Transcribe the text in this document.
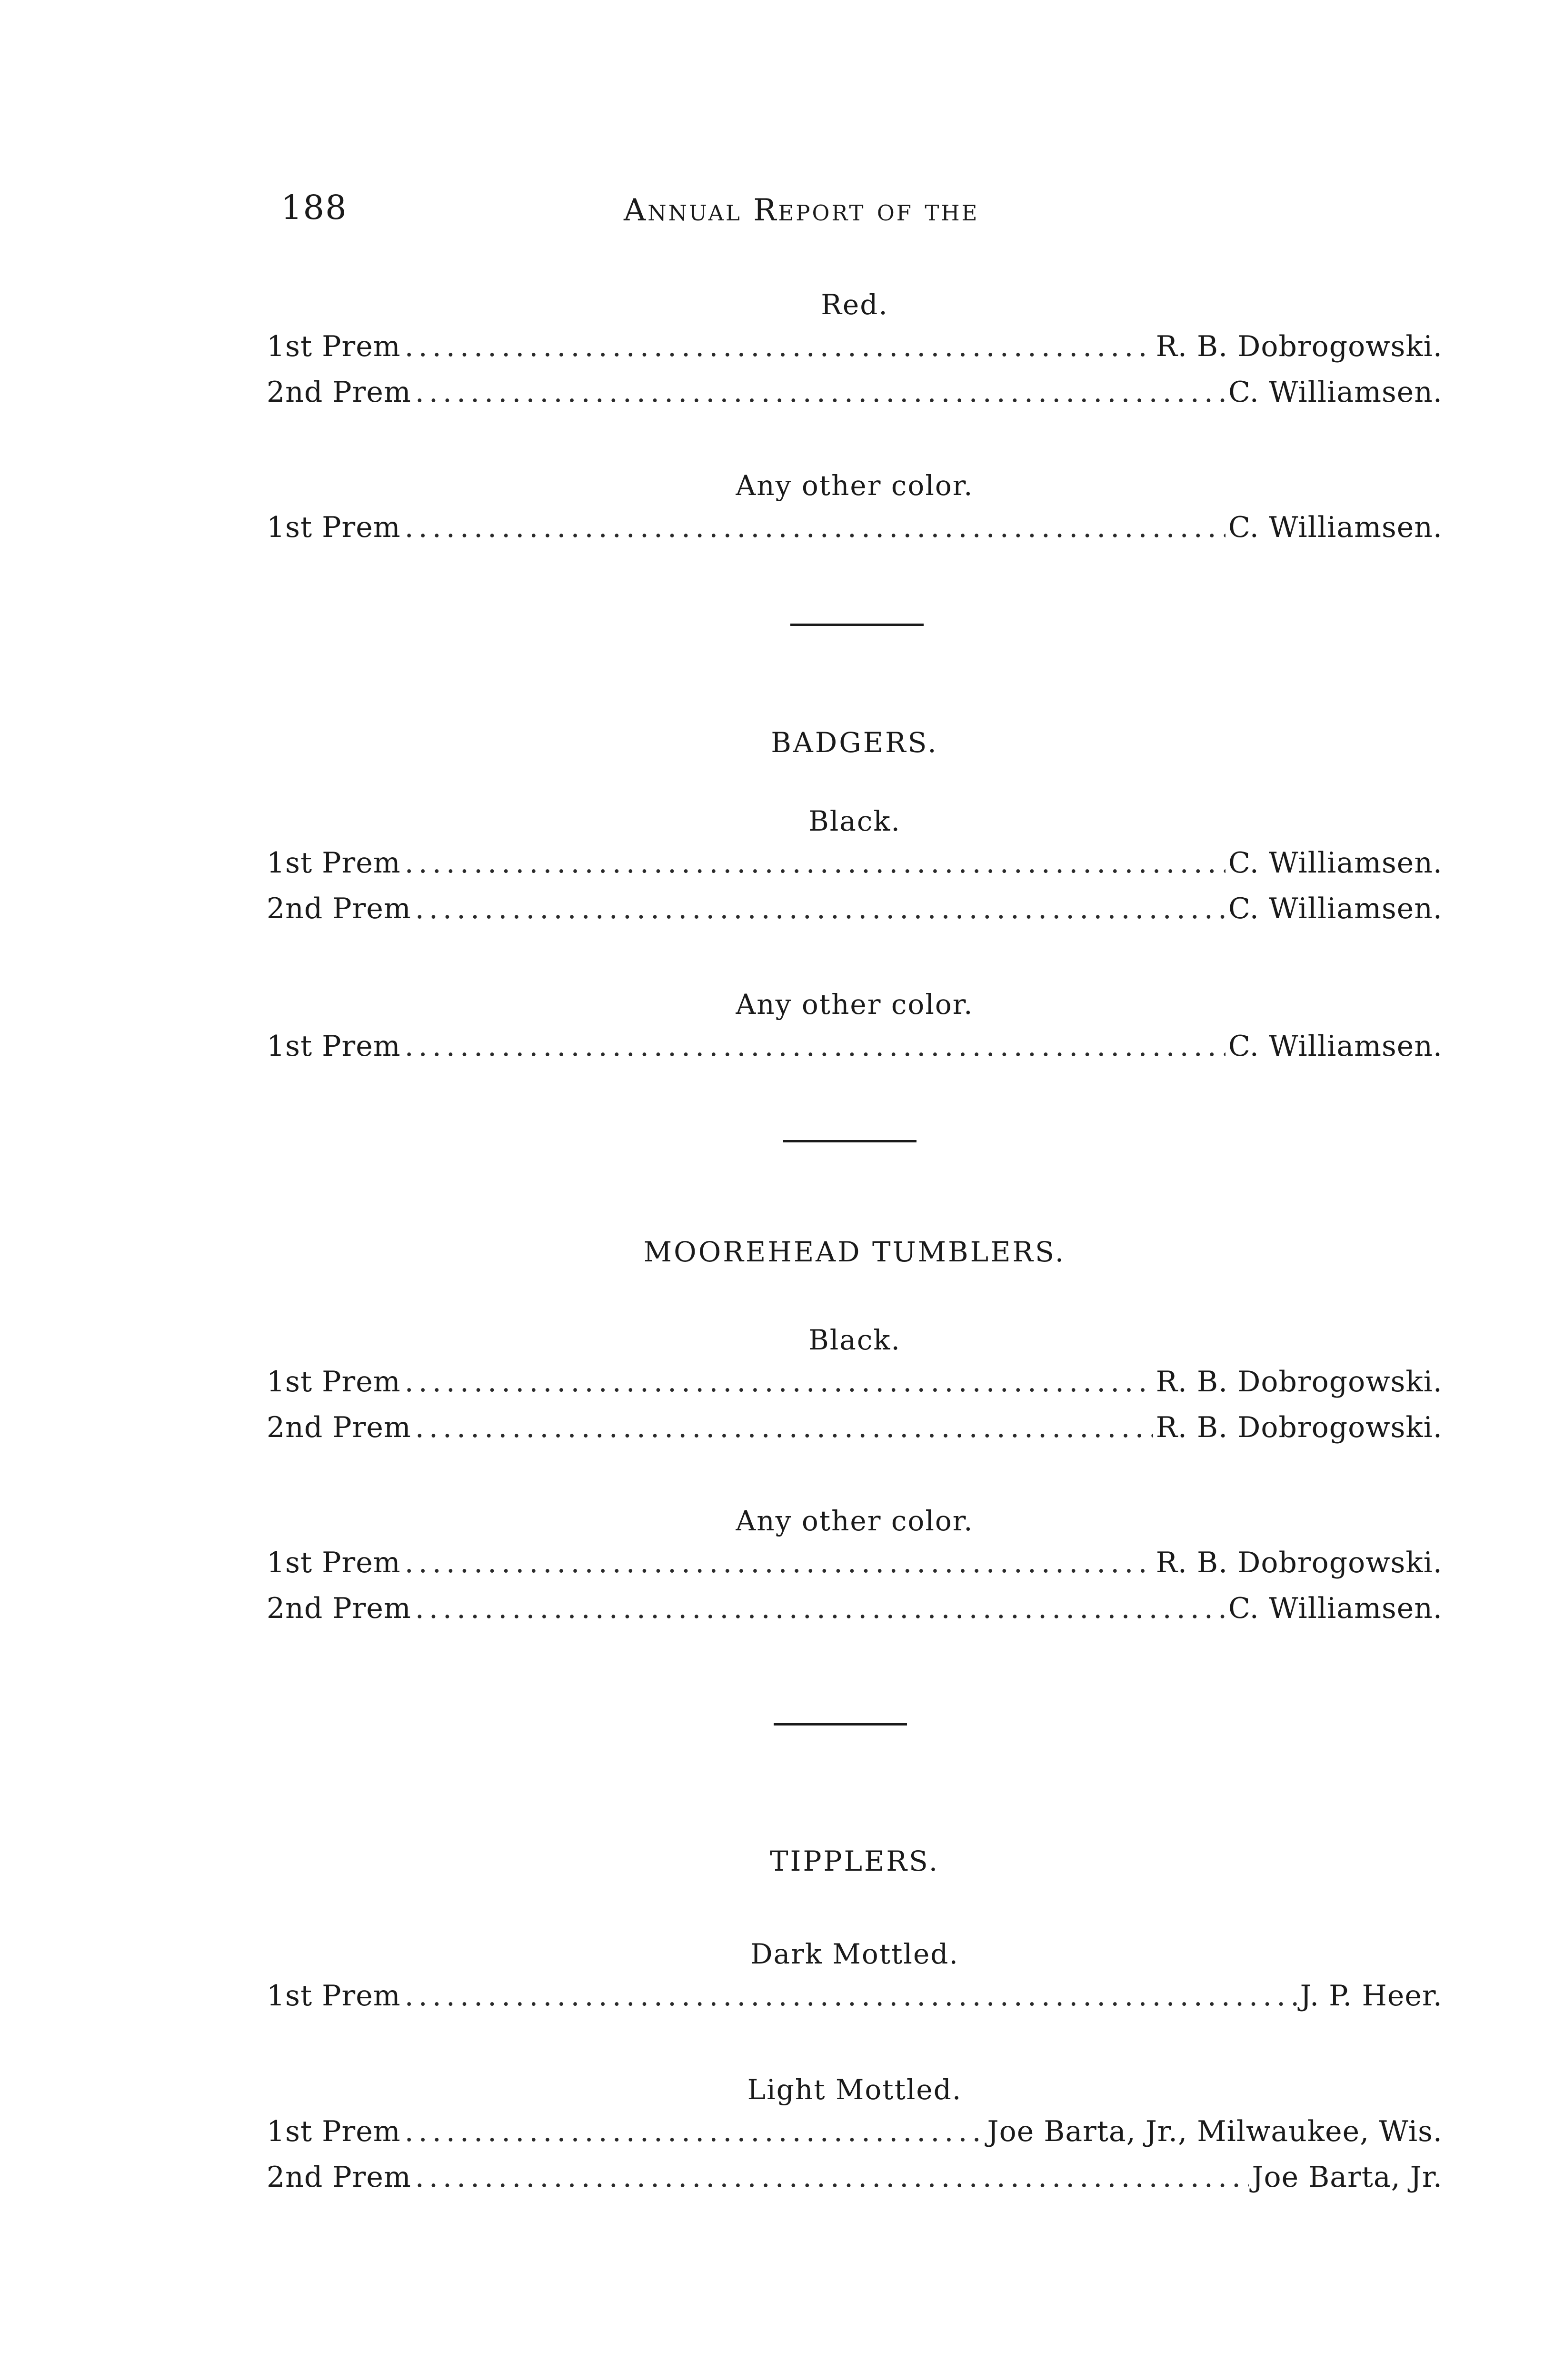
188	Annual Report of the
Red.
1st Prem .....	R. B. Dobrogowski.
2nd Prem .....	C. Williamsen.
Any other color.
1st Prem .....	C. Williamsen.
BADGERS.
Black.
1st Prem .....	C. Williamsen.
2nd Prem .....	C. Williamsen.
Any other color.
1st Prem .....	C. Williamsen.
MOOREHEAD TUMBLERS.
Black.
1st Prem .....	R. B. Dobrogowski.
2nd Prem .....	R. B. Dobrogowski.
Any other color.
1st Prem .....	R. B. Dobrogowski.
2nd Prem .....	C. Williamsen.
TIPPLERS.
Dark Mottled.
1st Prem .....	J. P. Heer.
Light Mottled.
1st Prem .....	Joe Barta, Jr., Milwaukee, Wis.
2nd Prem .....	Joe Barta, Jr.
